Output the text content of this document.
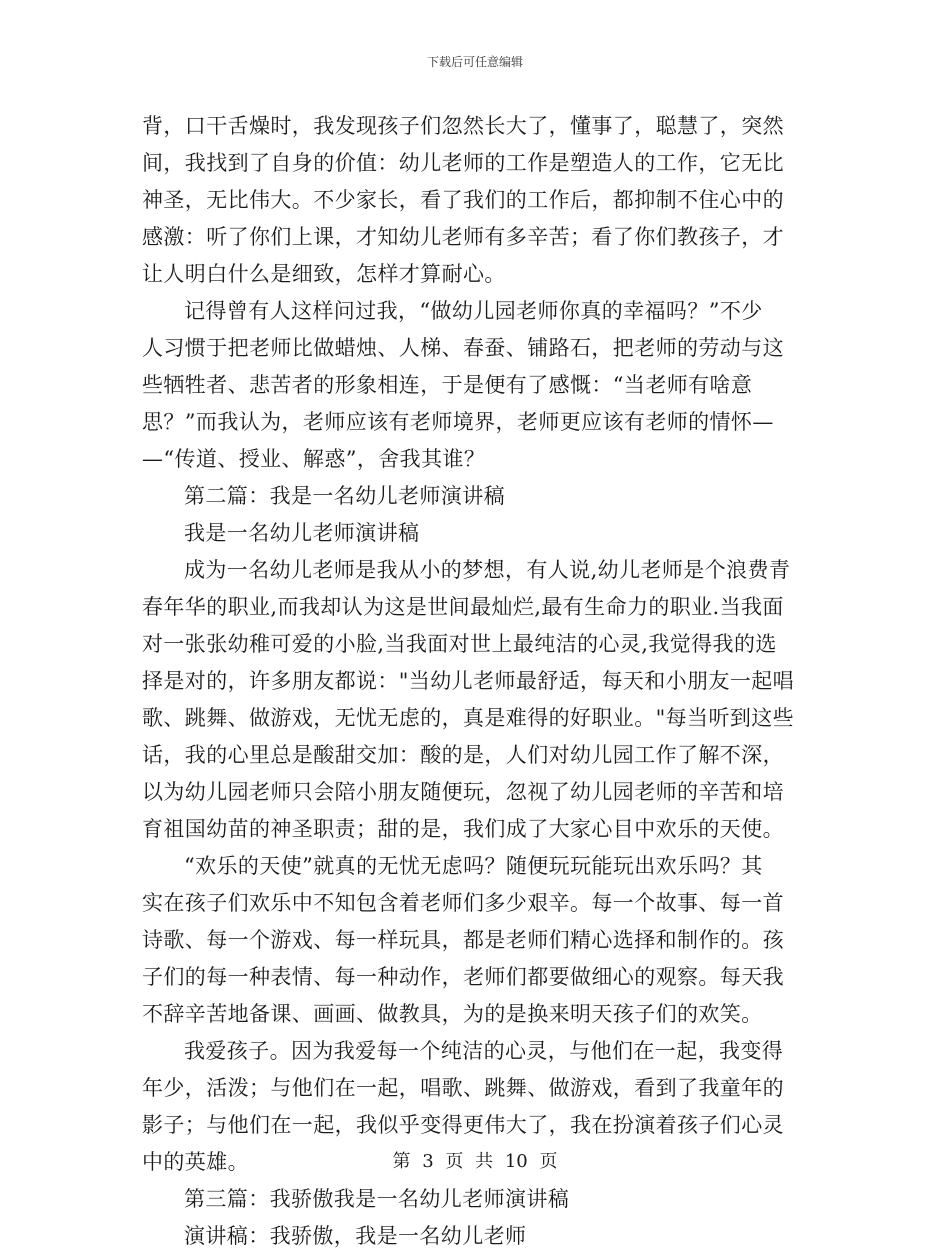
下载后可任意编辑
背，口干舌燥时，我发现孩子们忽然长大了，懂事了，聪慧了，突然
间，我找到了自身的价值：幼儿老师的工作是塑造人的工作，它无比
神圣，无比伟大。不少家长，看了我们的工作后，都抑制不住心中的
感激：听了你们上课，才知幼儿老师有多辛苦；看了你们教孩子，才
让人明白什么是细致，怎样才算耐心。
记得曾有人这样问过我，“做幼儿园老师你真的幸福吗？”不少
人习惯于把老师比做蜡烛、人梯、春蚕、铺路石，把老师的劳动与这
些牺牲者、悲苦者的形象相连，于是便有了感慨：“当老师有啥意
思？”而我认为，老师应该有老师境界，老师更应该有老师的情怀—
—“传道、授业、解惑”，舍我其谁？
第二篇：我是一名幼儿老师演讲稿
我是一名幼儿老师演讲稿
成为一名幼儿老师是我从小的梦想，有人说,幼儿老师是个浪费青
春年华的职业,而我却认为这是世间最灿烂,最有生命力的职业.当我面
对一张张幼稚可爱的小脸,当我面对世上最纯洁的心灵,我觉得我的选
择是对的，许多朋友都说："当幼儿老师最舒适，每天和小朋友一起唱
歌、跳舞、做游戏，无忧无虑的，真是难得的好职业。"每当听到这些
话，我的心里总是酸甜交加：酸的是，人们对幼儿园工作了解不深，
以为幼儿园老师只会陪小朋友随便玩，忽视了幼儿园老师的辛苦和培
育祖国幼苗的神圣职责；甜的是，我们成了大家心目中欢乐的天使。
“欢乐的天使”就真的无忧无虑吗？随便玩玩能玩出欢乐吗？其
实在孩子们欢乐中不知包含着老师们多少艰辛。每一个故事、每一首
诗歌、每一个游戏、每一样玩具，都是老师们精心选择和制作的。孩
子们的每一种表情、每一种动作，老师们都要做细心的观察。每天我
不辞辛苦地备课、画画、做教具，为的是换来明天孩子们的欢笑。
我爱孩子。因为我爱每一个纯洁的心灵，与他们在一起，我变得
年少，活泼；与他们在一起，唱歌、跳舞、做游戏，看到了我童年的
影子；与他们在一起，我似乎变得更伟大了，我在扮演着孩子们心灵
中的英雄。
第三篇：我骄傲我是一名幼儿老师演讲稿
演讲稿：我骄傲，我是一名幼儿老师
第 3 页 共 10 页
